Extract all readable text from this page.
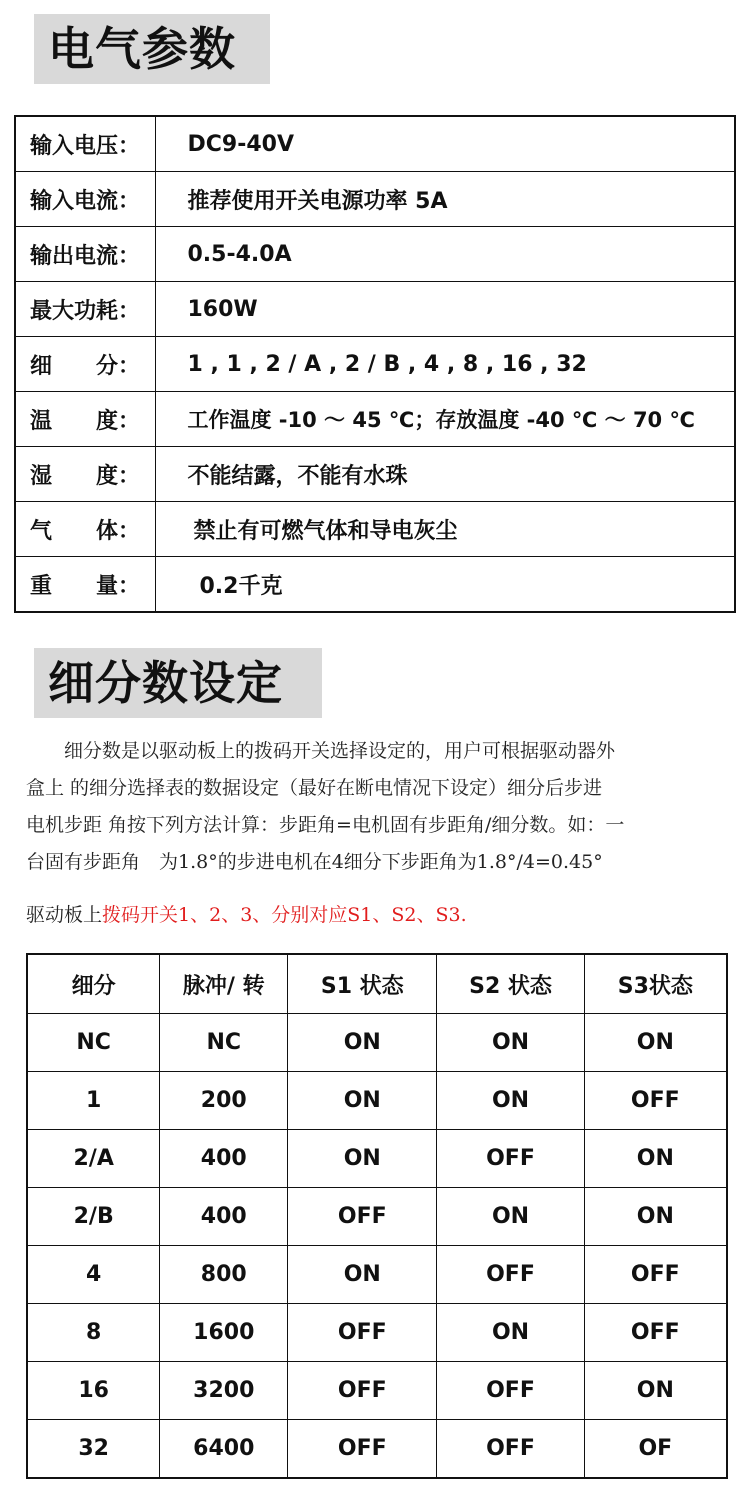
电气参数
输入电压：	DC9-40V
输入电流：	推荐使用开关电源功率 5A
输出电流：	0.5-4.0A
最大功耗：	160W

细 分：	1 , 1 , 2 / A , 2 / B , 4 , 8 , 16 , 32

温 度：	工作温度 -10 ～ 45 ℃；存放温度 -40 ℃ ～ 70 ℃

湿 度：	不能结露，不能有水珠

气 体：	禁止有可燃气体和导电灰尘

重 量：	0.2千克
细分数设定

细分数是以驱动板上的拨码开关选择设定的，用户可根据驱动器外

盒上 的细分选择表的数据设定（最好在断电情况下设定）细分后步进

电机步距 角按下列方法计算：步距角=电机固有步距角/细分数。如：一

台固有步距角　为1.8°的步进电机在4细分下步距角为1.8°/4=0.45°

驱动板上拨码开关1、2、3、分别对应S1、S2、S3.
细分	脉冲/ 转	S1 状态	S2 状态	S3状态
NC	NC	ON	ON	ON
1	200	ON	ON	OFF
2/A	400	ON	OFF	ON
2/B	400	OFF	ON	ON
4	800	ON	OFF	OFF
8	1600	OFF	ON	OFF
16	3200	OFF	OFF	ON
32	6400	OFF	OFF	OF
